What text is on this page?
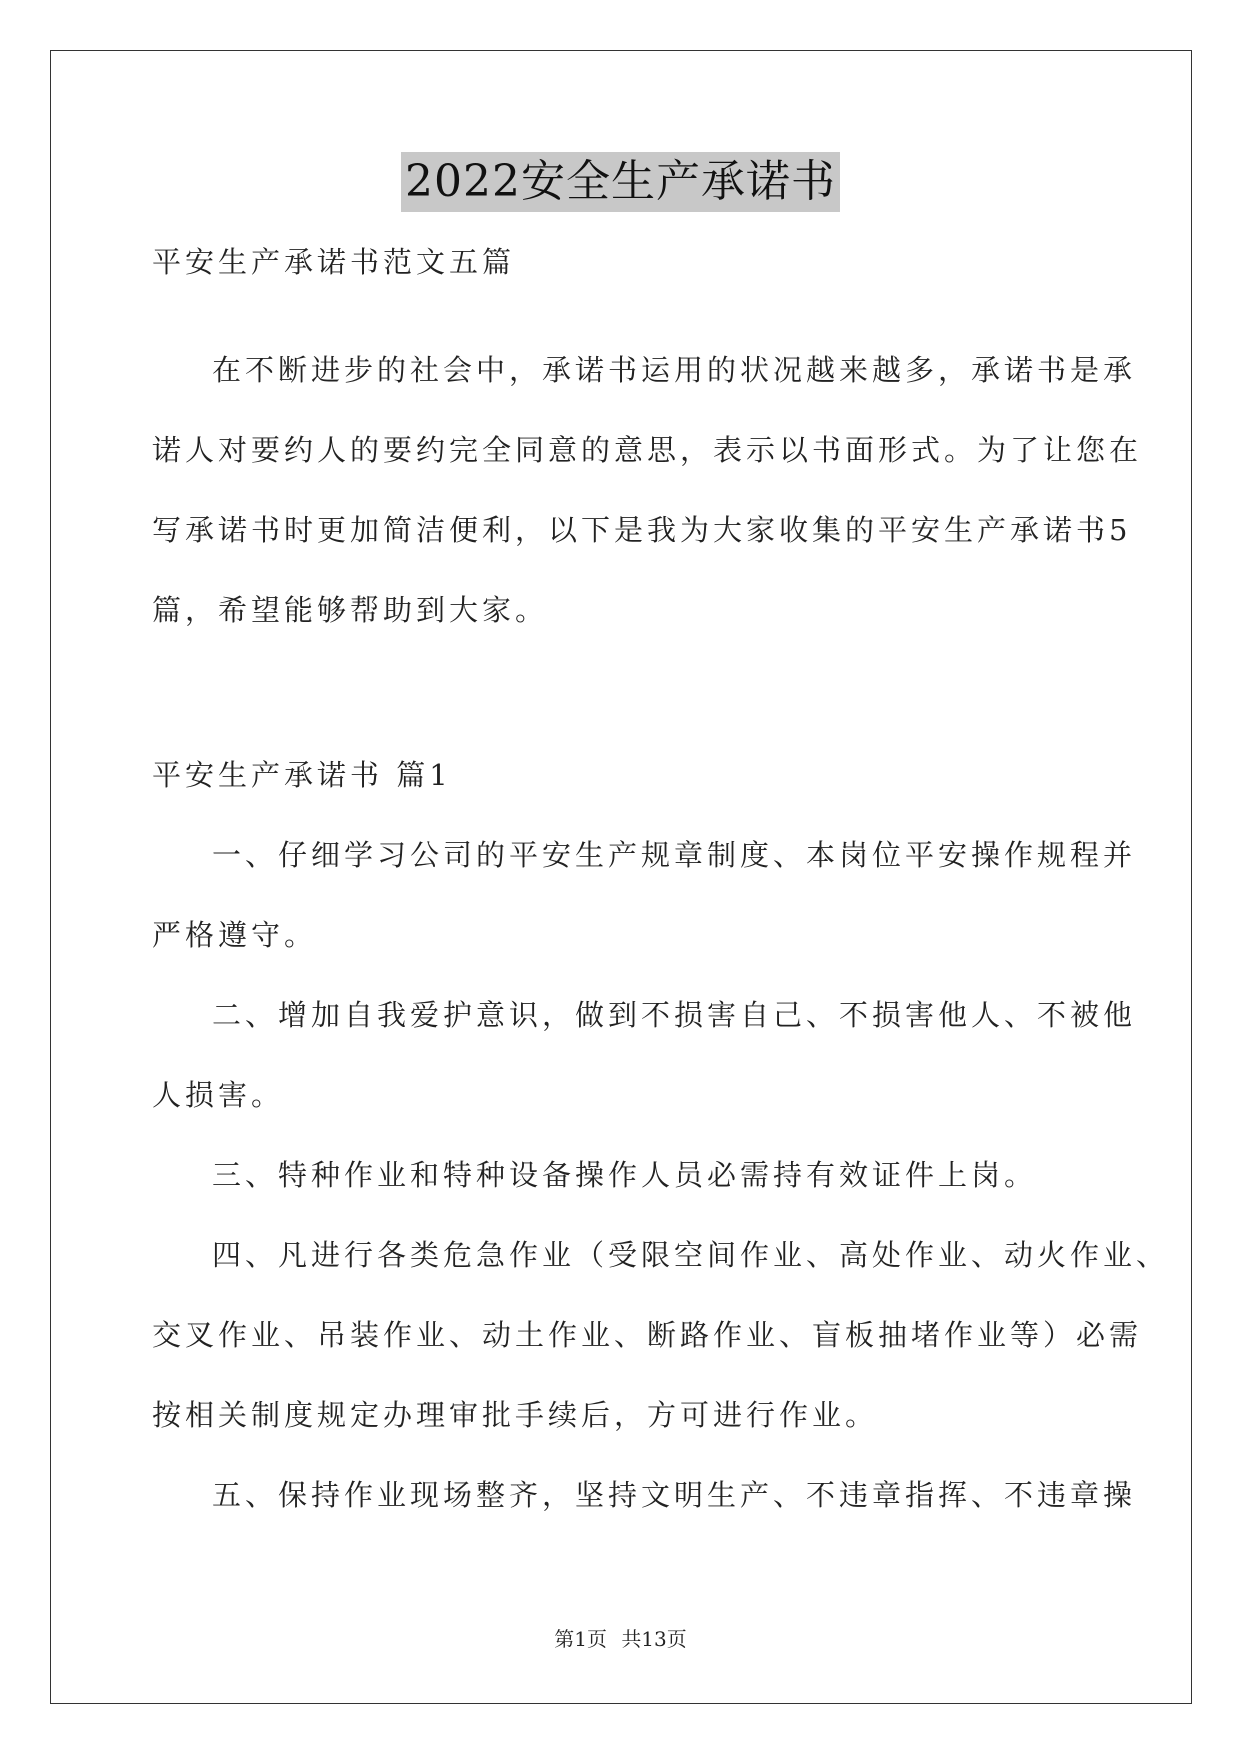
2022安全生产承诺书
平安生产承诺书范文五篇
在不断进步的社会中，承诺书运用的状况越来越多，承诺书是承
诺人对要约人的要约完全同意的意思，表示以书面形式。为了让您在
写承诺书时更加简洁便利，以下是我为大家收集的平安生产承诺书5
篇，希望能够帮助到大家。
平安生产承诺书 篇1
一、仔细学习公司的平安生产规章制度、本岗位平安操作规程并
严格遵守。
二、增加自我爱护意识，做到不损害自己、不损害他人、不被他
人损害。
三、特种作业和特种设备操作人员必需持有效证件上岗。
四、凡进行各类危急作业（受限空间作业、高处作业、动火作业、
交叉作业、吊装作业、动土作业、断路作业、盲板抽堵作业等）必需
按相关制度规定办理审批手续后，方可进行作业。
五、保持作业现场整齐，坚持文明生产、不违章指挥、不违章操
第1页 共13页
